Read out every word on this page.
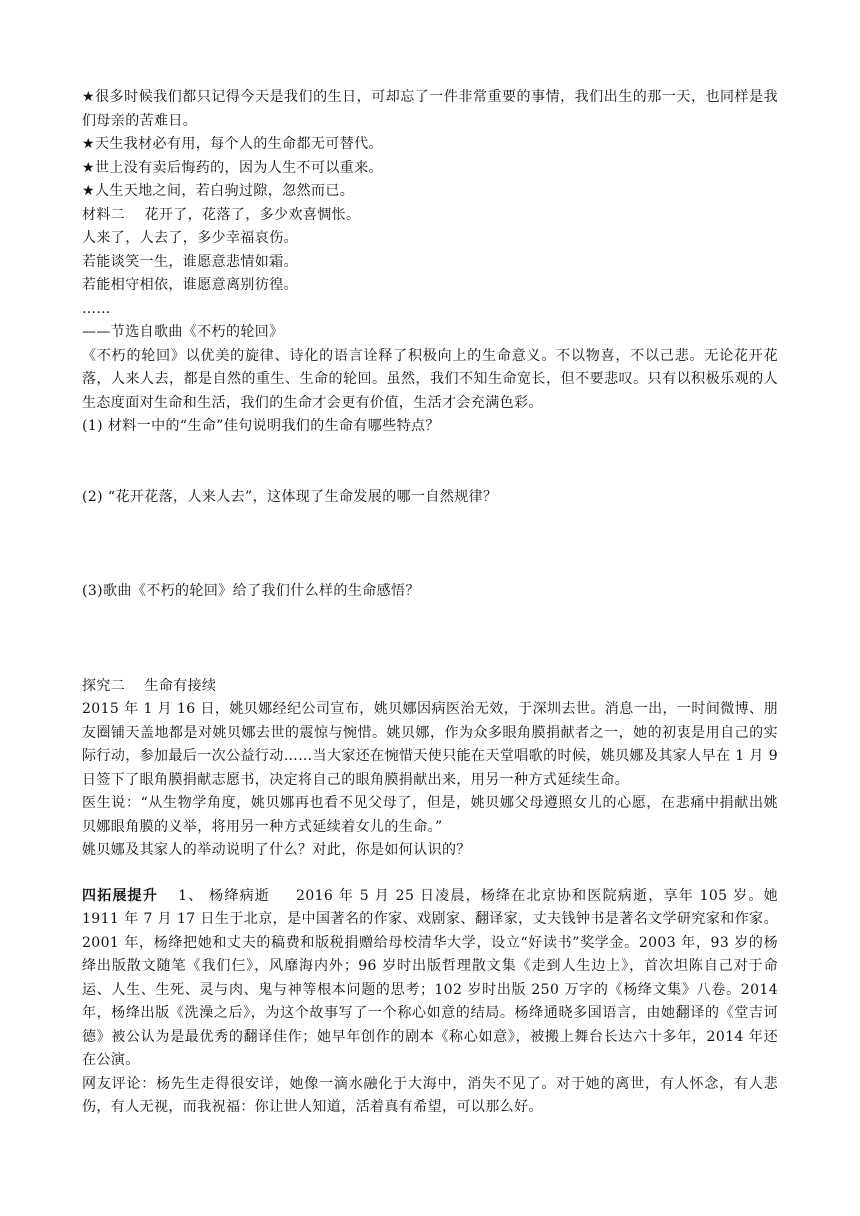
★很多时候我们都只记得今天是我们的生日，可却忘了一件非常重要的事情，我们出生的那一天，也同样是我们母亲的苦难日。

★天生我材必有用，每个人的生命都无可替代。

★世上没有卖后悔药的，因为人生不可以重来。

★人生天地之间，若白驹过隙，忽然而已。

材料二　 花开了，花落了，多少欢喜惆怅。

人来了，人去了，多少幸福哀伤。

若能谈笑一生，谁愿意悲情如霜。

若能相守相依，谁愿意离别彷徨。

……

——节选自歌曲《不朽的轮回》

《不朽的轮回》以优美的旋律、诗化的语言诠释了积极向上的生命意义。不以物喜，不以己悲。无论花开花落，人来人去，都是自然的重生、生命的轮回。虽然，我们不知生命宽长，但不要悲叹。只有以积极乐观的人生态度面对生命和生活，我们的生命才会更有价值，生活才会充满色彩。

(1) 材料一中的“生命”佳句说明我们的生命有哪些特点？

(2) “花开花落，人来人去”，这体现了生命发展的哪一自然规律？

(3)歌曲《不朽的轮回》给了我们什么样的生命感悟？

探究二　 生命有接续

2015 年 1 月 16 日，姚贝娜经纪公司宣布，姚贝娜因病医治无效，于深圳去世。消息一出，一时间微博、朋友圈铺天盖地都是对姚贝娜去世的震惊与惋惜。姚贝娜，作为众多眼角膜捐献者之一，她的初衷是用自己的实际行动，参加最后一次公益行动……当大家还在惋惜天使只能在天堂唱歌的时候，姚贝娜及其家人早在 1 月 9 日签下了眼角膜捐献志愿书，决定将自己的眼角膜捐献出来，用另一种方式延续生命。

医生说：“从生物学角度，姚贝娜再也看不见父母了，但是，姚贝娜父母遵照女儿的心愿，在悲痛中捐献出姚贝娜眼角膜的义举，将用另一种方式延续着女儿的生命。”

姚贝娜及其家人的举动说明了什么？对此，你是如何认识的？

四拓展提升 1、 杨绛病逝 2016 年 5 月 25 日凌晨，杨绛在北京协和医院病逝，享年 105 岁。她 1911 年 7 月 17 日生于北京，是中国著名的作家、戏剧家、翻译家，丈夫钱钟书是著名文学研究家和作家。2001 年，杨绛把她和丈夫的稿费和版税捐赠给母校清华大学，设立“好读书”奖学金。2003 年，93 岁的杨绛出版散文随笔《我们仨》，风靡海内外；96 岁时出版哲理散文集《走到人生边上》，首次坦陈自己对于命运、人生、生死、灵与肉、鬼与神等根本问题的思考；102 岁时出版 250 万字的《杨绛文集》八卷。2014 年，杨绛出版《洗澡之后》，为这个故事写了一个称心如意的结局。杨绛通晓多国语言，由她翻译的《堂吉诃德》被公认为是最优秀的翻译佳作；她早年创作的剧本《称心如意》，被搬上舞台长达六十多年，2014 年还在公演。

网友评论：杨先生走得很安详，她像一滴水融化于大海中，消失不见了。对于她的离世，有人怀念，有人悲伤，有人无视，而我祝福：你让世人知道，活着真有希望，可以那么好。
